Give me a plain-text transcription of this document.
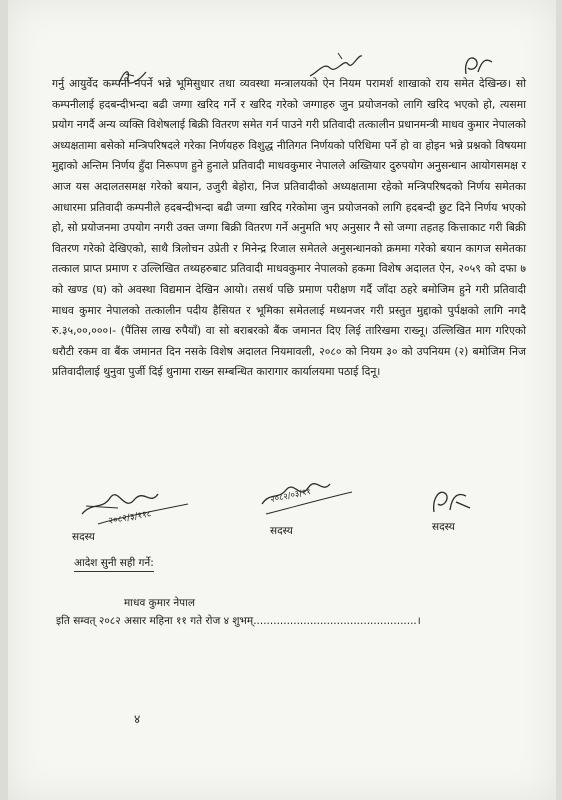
गर्नु आयुर्वेद कम्पनी नपर्ने भन्ने भूमिसुधार तथा व्यवस्था मन्त्रालयको ऐन नियम परामर्श शाखाको राय समेत देखिन्छ। सो कम्पनीलाई हदबन्दीभन्दा बढी जग्गा खरिद गर्ने र खरिद गरेको जग्गाहरु जुन प्रयोजनको लागि खरिद भएको हो, त्यसमा प्रयोग नगर्दै अन्य व्यक्ति विशेषलाई बिक्री वितरण समेत गर्न पाउने गरी प्रतिवादी तत्कालीन प्रधानमन्त्री माधव कुमार नेपालको अध्यक्षतामा बसेको मन्त्रिपरिषदले गरेका निर्णयहरु विशुद्ध नीतिगत निर्णयको परिधिमा पर्ने हो वा होइन भन्ने प्रश्नको विषयमा मुद्दाको अन्तिम निर्णय हुँदा निरूपण हुने हुनाले प्रतिवादी माधवकुमार नेपालले अख्तियार दुरुपयोग अनुसन्धान आयोगसमक्ष र आज यस अदालतसमक्ष गरेको बयान, उजुरी बेहोरा, निज प्रतिवादीको अध्यक्षतामा रहेको मन्त्रिपरिषदको निर्णय समेतका आधारमा प्रतिवादी कम्पनीले हदबन्दीभन्दा बढी जग्गा खरिद गरेकोमा जुन प्रयोजनको लागि हदबन्दी छुट दिने निर्णय भएको हो, सो प्रयोजनमा उपयोग नगरी उक्त जग्गा बिक्री वितरण गर्ने अनुमति भए अनुसार नै सो जग्गा तहतह कित्ताकाट गरी बिक्री वितरण गरेको देखिएको, साथै त्रिलोचन उप्रेती र मिनेन्द्र रिजाल समेतले अनुसन्धानको क्रममा गरेको बयान कागज समेतका तत्काल प्राप्त प्रमाण र उल्लिखित तथ्यहरुबाट प्रतिवादी माधवकुमार नेपालको हकमा विशेष अदालत ऐन, २०५९ को दफा ७ को खण्ड (घ) को अवस्था विद्यमान देखिन आयो। तसर्थ पछि प्रमाण परीक्षण गर्दै जाँदा ठहरे बमोजिम हुने गरी प्रतिवादी माधव कुमार नेपालको तत्कालीन पदीय हैसियत र भूमिका समेतलाई मध्यनजर गरी प्रस्तुत मुद्दाको पुर्पक्षको लागि नगदै रु.३५,००,०००।- (पैंतिस लाख रुपैयाँ) वा सो बराबरको बैंक जमानत दिए लिई तारिखमा राख्नू। उल्लिखित माग गरिएको धरौटी रकम वा बैंक जमानत दिन नसके विशेष अदालत नियमावली, २०८० को नियम ३० को उपनियम (२) बमोजिम निज प्रतिवादीलाई थुनुवा पुर्जी दिई थुनामा राख्न सम्बन्धित कारागार कार्यालयमा पठाई दिनू।
सदस्य
२०८२/३/११८
२०८२/०३/११
सदस्य	सदस्य
आदेश सुनी सही गर्ने:
माधव कुमार नेपाल
इति सम्वत् २०८२ असार महिना ११ गते रोज ४ शुभम्.................................................।
४
